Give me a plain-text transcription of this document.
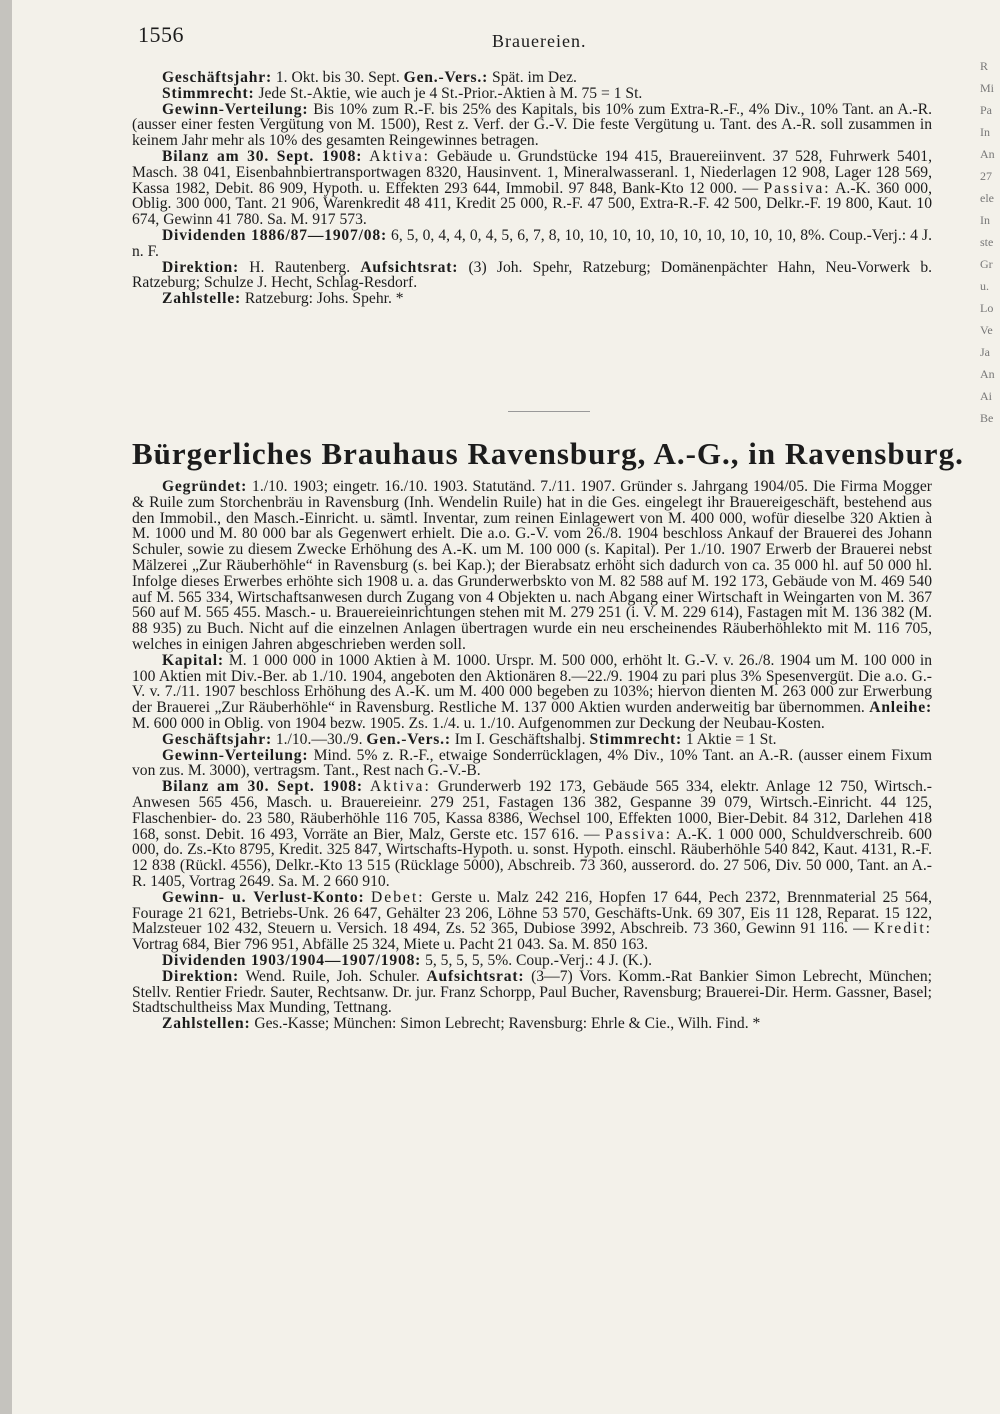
1556	Brauereien.

Geschäftsjahr: 1. Okt. bis 30. Sept. Gen.-Vers.: Spät. im Dez.

Stimmrecht: Jede St.-Aktie, wie auch je 4 St.-Prior.-Aktien à M. 75 = 1 St.

Gewinn-Verteilung: Bis 10% zum R.-F. bis 25% des Kapitals, bis 10% zum Extra-R.-F., 4% Div., 10% Tant. an A.-R. (ausser einer festen Vergütung von M. 1500), Rest z. Verf. der G.-V. Die feste Vergütung u. Tant. des A.-R. soll zusammen in keinem Jahr mehr als 10% des gesamten Reingewinnes betragen.

Bilanz am 30. Sept. 1908: Aktiva: Gebäude u. Grundstücke 194 415, Brauereiinvent. 37 528, Fuhrwerk 5401, Masch. 38 041, Eisenbahnbiertransportwagen 8320, Hausinvent. 1, Mineralwasseranl. 1, Niederlagen 12 908, Lager 128 569, Kassa 1982, Debit. 86 909, Hypoth. u. Effekten 293 644, Immobil. 97 848, Bank-Kto 12 000. — Passiva: A.-K. 360 000, Oblig. 300 000, Tant. 21 906, Warenkredit 48 411, Kredit 25 000, R.-F. 47 500, Extra-R.-F. 42 500, Delkr.-F. 19 800, Kaut. 10 674, Gewinn 41 780. Sa. M. 917 573.

Dividenden 1886/87—1907/08: 6, 5, 0, 4, 4, 0, 4, 5, 6, 7, 8, 10, 10, 10, 10, 10, 10, 10, 10, 10, 10, 8%. Coup.-Verj.: 4 J. n. F.

Direktion: H. Rautenberg. Aufsichtsrat: (3) Joh. Spehr, Ratzeburg; Domänenpächter Hahn, Neu-Vorwerk b. Ratzeburg; Schulze J. Hecht, Schlag-Resdorf.

Zahlstelle: Ratzeburg: Johs. Spehr. *

Bürgerliches Brauhaus Ravensburg, A.-G., in Ravensburg.

Gegründet: 1./10. 1903; eingetr. 16./10. 1903. Statutänd. 7./11. 1907. Gründer s. Jahrgang 1904/05. Die Firma Mogger & Ruile zum Storchenbräu in Ravensburg (Inh. Wendelin Ruile) hat in die Ges. eingelegt ihr Brauereigeschäft, bestehend aus den Immobil., den Masch.-Einricht. u. sämtl. Inventar, zum reinen Einlagewert von M. 400 000, wofür dieselbe 320 Aktien à M. 1000 und M. 80 000 bar als Gegenwert erhielt. Die a.o. G.-V. vom 26./8. 1904 beschloss Ankauf der Brauerei des Johann Schuler, sowie zu diesem Zwecke Erhöhung des A.-K. um M. 100 000 (s. Kapital). Per 1./10. 1907 Erwerb der Brauerei nebst Mälzerei „Zur Räuberhöhle“ in Ravensburg (s. bei Kap.); der Bierabsatz erhöht sich dadurch von ca. 35 000 hl. auf 50 000 hl. Infolge dieses Erwerbes erhöhte sich 1908 u. a. das Grunderwerbskto von M. 82 588 auf M. 192 173, Gebäude von M. 469 540 auf M. 565 334, Wirtschaftsanwesen durch Zugang von 4 Objekten u. nach Abgang einer Wirtschaft in Weingarten von M. 367 560 auf M. 565 455. Masch.- u. Brauereieinrichtungen stehen mit M. 279 251 (i. V. M. 229 614), Fastagen mit M. 136 382 (M. 88 935) zu Buch. Nicht auf die einzelnen Anlagen übertragen wurde ein neu erscheinendes Räuberhöhlekto mit M. 116 705, welches in einigen Jahren abgeschrieben werden soll.

Kapital: M. 1 000 000 in 1000 Aktien à M. 1000. Urspr. M. 500 000, erhöht lt. G.-V. v. 26./8. 1904 um M. 100 000 in 100 Aktien mit Div.-Ber. ab 1./10. 1904, angeboten den Aktionären 8.—22./9. 1904 zu pari plus 3% Spesenvergüt. Die a.o. G.-V. v. 7./11. 1907 beschloss Erhöhung des A.-K. um M. 400 000 begeben zu 103%; hiervon dienten M. 263 000 zur Erwerbung der Brauerei „Zur Räuberhöhle“ in Ravensburg. Restliche M. 137 000 Aktien wurden anderweitig bar übernommen. Anleihe: M. 600 000 in Oblig. von 1904 bezw. 1905. Zs. 1./4. u. 1./10. Aufgenommen zur Deckung der Neubau-Kosten.

Geschäftsjahr: 1./10.—30./9. Gen.-Vers.: Im I. Geschäftshalbj. Stimmrecht: 1 Aktie = 1 St.

Gewinn-Verteilung: Mind. 5% z. R.-F., etwaige Sonderrücklagen, 4% Div., 10% Tant. an A.-R. (ausser einem Fixum von zus. M. 3000), vertragsm. Tant., Rest nach G.-V.-B.

Bilanz am 30. Sept. 1908: Aktiva: Grunderwerb 192 173, Gebäude 565 334, elektr. Anlage 12 750, Wirtsch.-Anwesen 565 456, Masch. u. Brauereieinr. 279 251, Fastagen 136 382, Gespanne 39 079, Wirtsch.-Einricht. 44 125, Flaschenbier- do. 23 580, Räuberhöhle 116 705, Kassa 8386, Wechsel 100, Effekten 1000, Bier-Debit. 84 312, Darlehen 418 168, sonst. Debit. 16 493, Vorräte an Bier, Malz, Gerste etc. 157 616. — Passiva: A.-K. 1 000 000, Schuldverschreib. 600 000, do. Zs.-Kto 8795, Kredit. 325 847, Wirtschafts-Hypoth. u. sonst. Hypoth. einschl. Räuberhöhle 540 842, Kaut. 4131, R.-F. 12 838 (Rückl. 4556), Delkr.-Kto 13 515 (Rücklage 5000), Abschreib. 73 360, ausserord. do. 27 506, Div. 50 000, Tant. an A.-R. 1405, Vortrag 2649. Sa. M. 2 660 910.

Gewinn- u. Verlust-Konto: Debet: Gerste u. Malz 242 216, Hopfen 17 644, Pech 2372, Brennmaterial 25 564, Fourage 21 621, Betriebs-Unk. 26 647, Gehälter 23 206, Löhne 53 570, Geschäfts-Unk. 69 307, Eis 11 128, Reparat. 15 122, Malzsteuer 102 432, Steuern u. Versich. 18 494, Zs. 52 365, Dubiose 3992, Abschreib. 73 360, Gewinn 91 116. — Kredit: Vortrag 684, Bier 796 951, Abfälle 25 324, Miete u. Pacht 21 043. Sa. M. 850 163.

Dividenden 1903/1904—1907/1908: 5, 5, 5, 5, 5%. Coup.-Verj.: 4 J. (K.).

Direktion: Wend. Ruile, Joh. Schuler. Aufsichtsrat: (3—7) Vors. Komm.-Rat Bankier Simon Lebrecht, München; Stellv. Rentier Friedr. Sauter, Rechtsanw. Dr. jur. Franz Schorpp, Paul Bucher, Ravensburg; Brauerei-Dir. Herm. Gassner, Basel; Stadtschultheiss Max Munding, Tettnang.

Zahlstellen: Ges.-Kasse; München: Simon Lebrecht; Ravensburg: Ehrle & Cie., Wilh. Find. *

R
Mi
Pa
In
An
27
ele
In
ste
Gr
u.
Lo
Ve
Ja
An
Ai
Be
